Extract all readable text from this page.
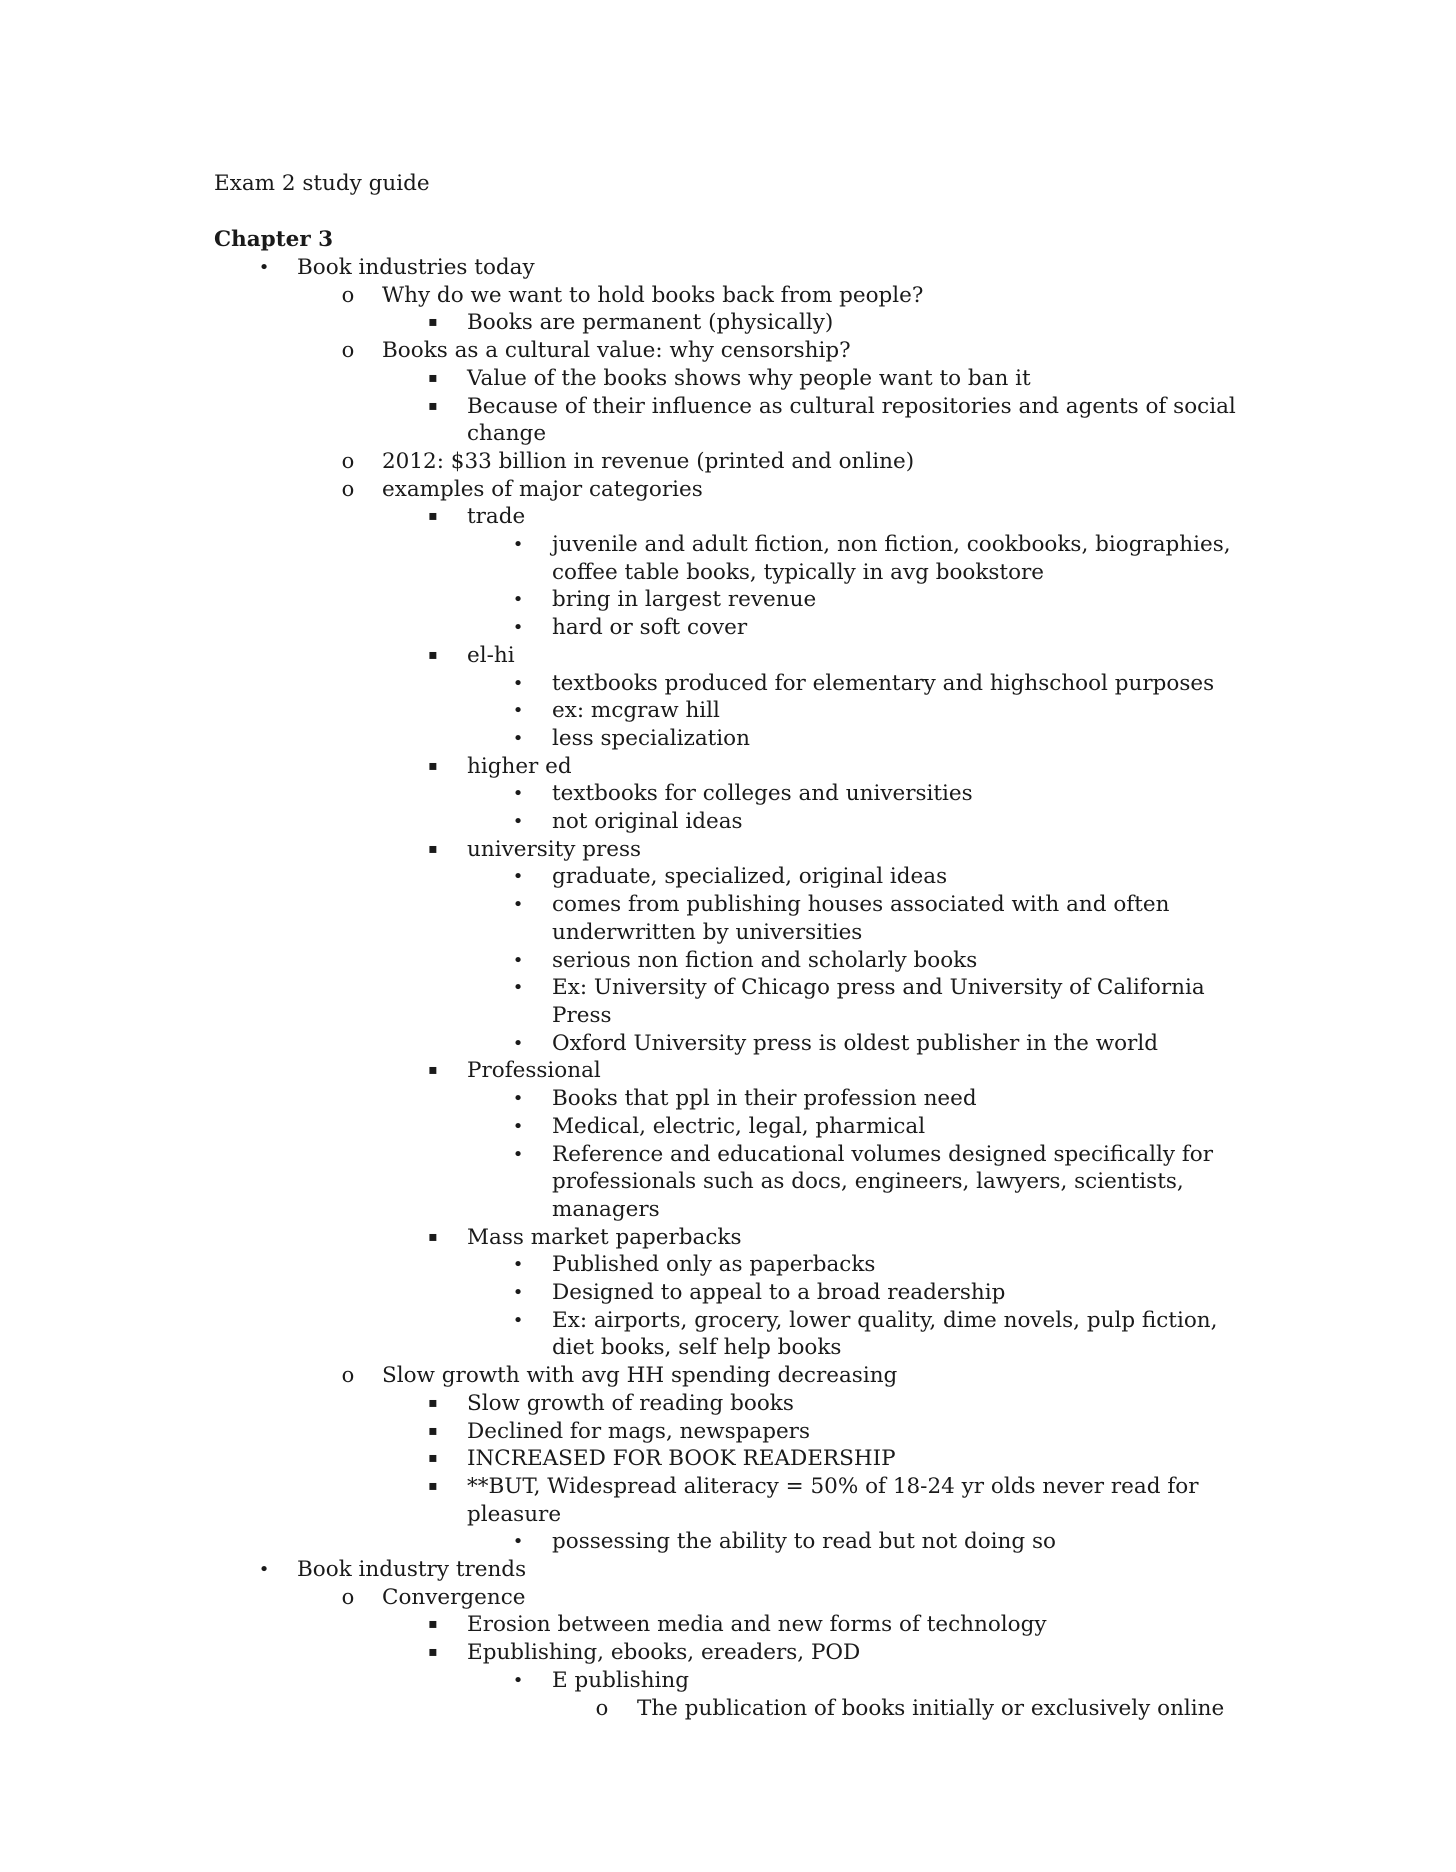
Exam 2 study guide
Chapter 3
•	Book industries today
o Why do we want to hold books back from people?
▪	Books are permanent (physically)
o Books as a cultural value: why censorship?
▪	Value of the books shows why people want to ban it
▪	Because of their influence as cultural repositories and agents of social change
o 2012: $33 billion in revenue (printed and online)
o examples of major categories
▪	trade
•	juvenile and adult fiction, non fiction, cookbooks, biographies, coffee table books, typically in avg bookstore
•	bring in largest revenue
•	hard or soft cover
▪	el-hi
•	textbooks produced for elementary and highschool purposes
•	ex: mcgraw hill
•	less specialization
▪	higher ed
•	textbooks for colleges and universities
•	not original ideas
▪	university press
•	graduate, specialized, original ideas
•	comes from publishing houses associated with and often underwritten by universities
•	serious non fiction and scholarly books
•	Ex: University of Chicago press and University of California Press
•	Oxford University press is oldest publisher in the world
▪	Professional
•	Books that ppl in their profession need
•	Medical, electric, legal, pharmical
•	Reference and educational volumes designed specifically for professionals such as docs, engineers, lawyers, scientists, managers
▪	Mass market paperbacks
•	Published only as paperbacks
•	Designed to appeal to a broad readership
•	Ex: airports, grocery, lower quality, dime novels, pulp fiction, diet books, self help books
o Slow growth with avg HH spending decreasing
▪	Slow growth of reading books
▪	Declined for mags, newspapers
▪	INCREASED FOR BOOK READERSHIP
▪	**BUT, Widespread aliteracy = 50% of 18-24 yr olds never read for pleasure
•	possessing the ability to read but not doing so
•	Book industry trends
o Convergence
▪	Erosion between media and new forms of technology
▪	Epublishing, ebooks, ereaders, POD
•	E publishing
o The publication of books initially or exclusively online
